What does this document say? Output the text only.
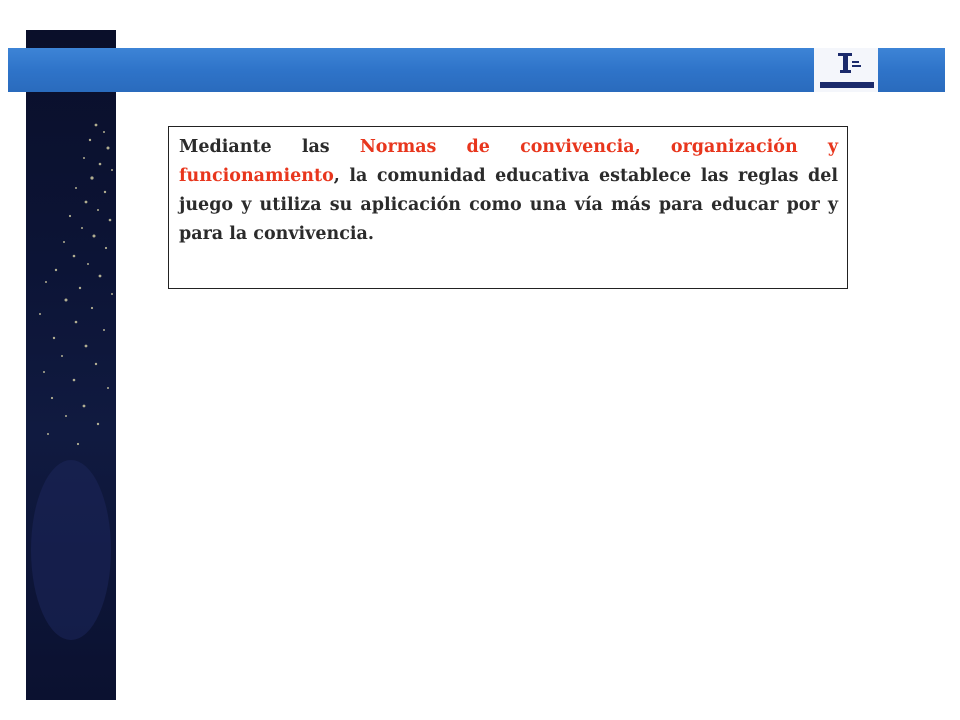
Mediante las Normas de convivencia, organización y funcionamiento, la comunidad educativa establece las reglas del juego y utiliza su aplicación como una vía más para educar por y para la convivencia.
